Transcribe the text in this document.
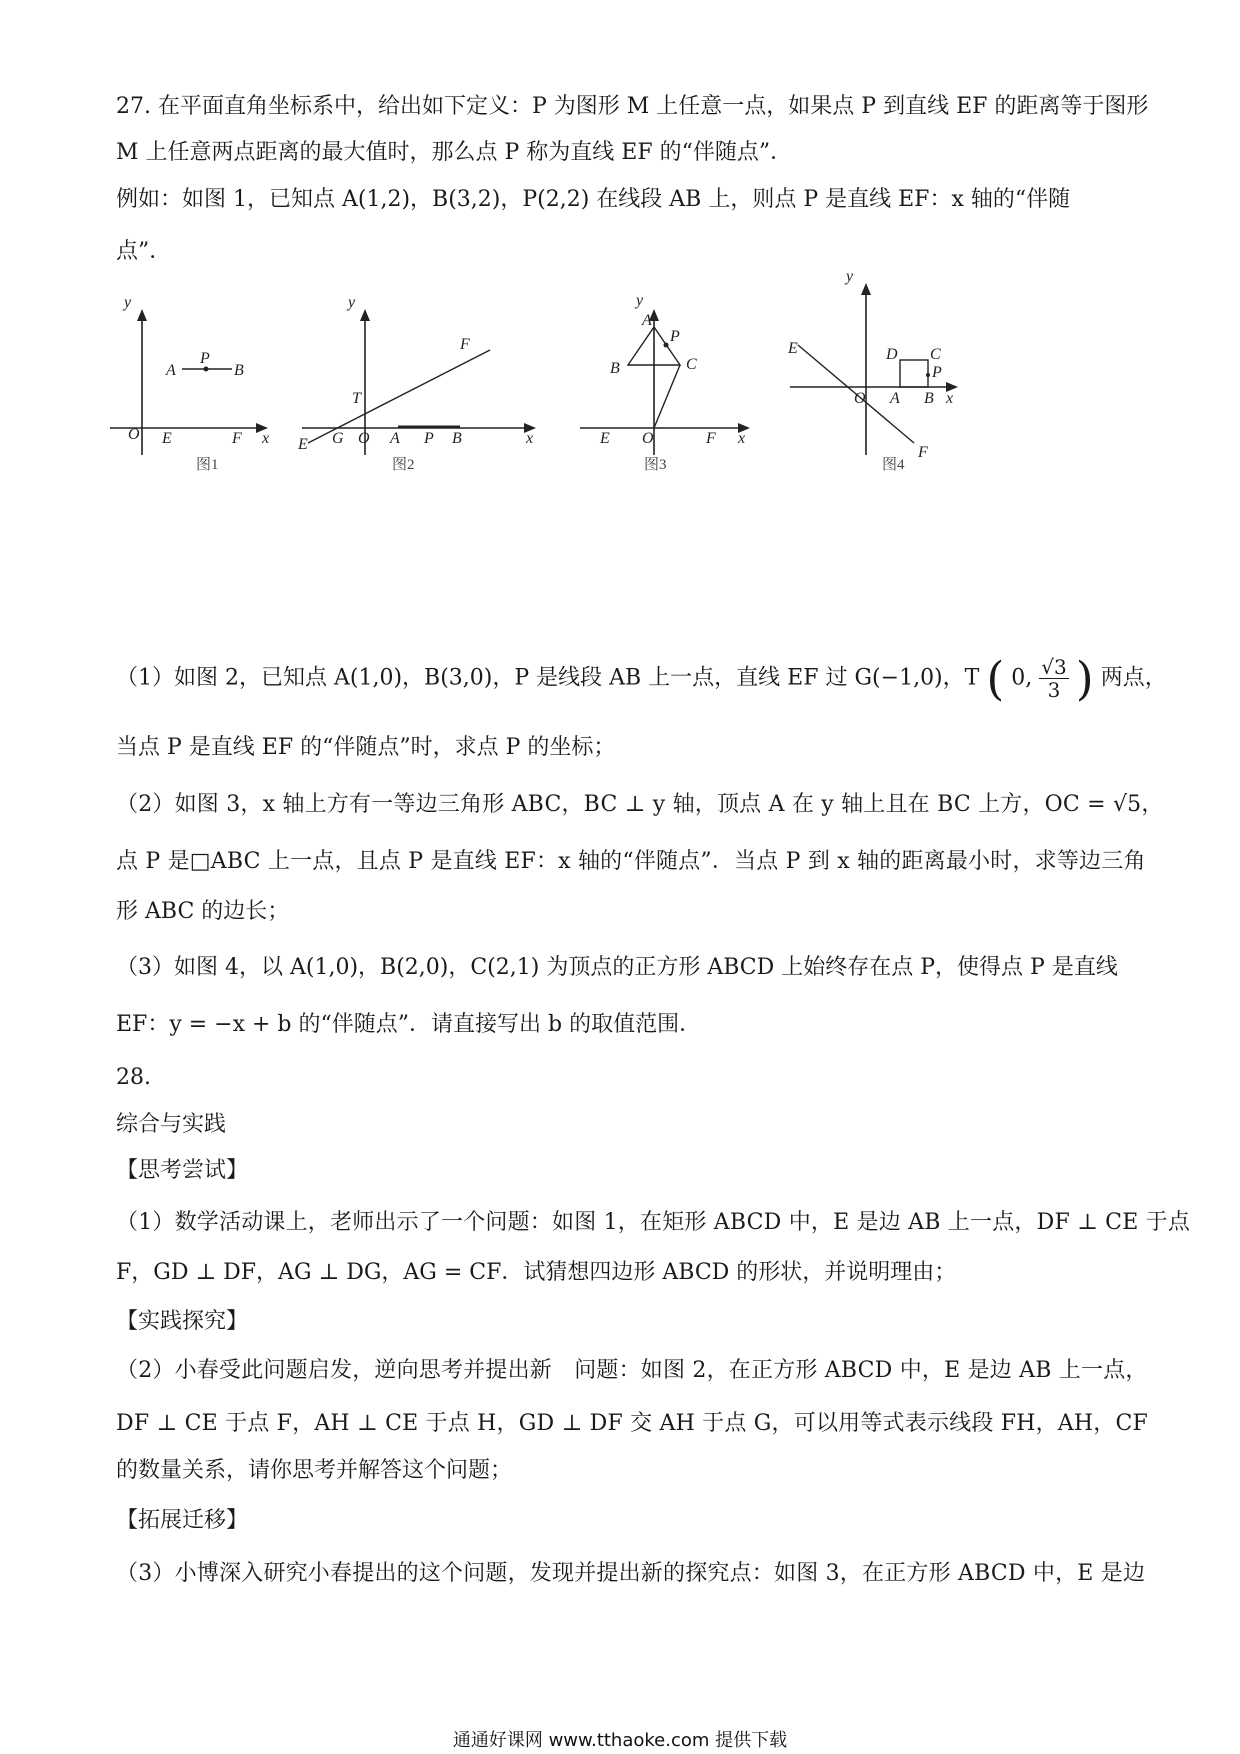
27. 在平面直角坐标系中，给出如下定义：P 为图形 M 上任意一点，如果点 P 到直线 EF 的距离等于图形
M 上任意两点距离的最大值时，那么点 P 称为直线 EF 的“伴随点”．
例如：如图 1，已知点 A(1,2)，B(3,2)，P(2,2) 在线段 AB 上，则点 P 是直线 EF：x 轴的“伴随
点”．
y
O E	F x
A
P
B
图1
y
F
T
E G O A P B	x
图2
y
A
P
B	C
E O	F x
图3
y
E	D C
P
O A B x
F
图4
（1）如图 2，已知点 A(1,0)，B(3,0)，P 是线段 AB 上一点，直线 EF 过 G(−1,0)，T ( 0, $\frac{√3}{3}$ ) 两点，
当点 P 是直线 EF 的“伴随点”时，求点 P 的坐标；
（2）如图 3，x 轴上方有一等边三角形 ABC，BC ⊥ y 轴，顶点 A 在 y 轴上且在 BC 上方，OC = √5，
点 P 是□ABC 上一点，且点 P 是直线 EF：x 轴的“伴随点”．当点 P 到 x 轴的距离最小时，求等边三角
形 ABC 的边长；
（3）如图 4，以 A(1,0)，B(2,0)，C(2,1) 为顶点的正方形 ABCD 上始终存在点 P，使得点 P 是直线
EF：y = −x + b 的“伴随点”．请直接写出 b 的取值范围．
28.
综合与实践
【思考尝试】
（1）数学活动课上，老师出示了一个问题：如图 1，在矩形 ABCD 中，E 是边 AB 上一点，DF ⊥ CE 于点
F，GD ⊥ DF，AG ⊥ DG，AG = CF．试猜想四边形 ABCD 的形状，并说明理由；
【实践探究】
（2）小春受此问题启发，逆向思考并提出新　问题：如图 2，在正方形 ABCD 中，E 是边 AB 上一点，
DF ⊥ CE 于点 F，AH ⊥ CE 于点 H，GD ⊥ DF 交 AH 于点 G，可以用等式表示线段 FH，AH，CF
的数量关系，请你思考并解答这个问题；
【拓展迁移】
（3）小博深入研究小春提出的这个问题，发现并提出新的探究点：如图 3，在正方形 ABCD 中，E 是边
通通好课网 www.tthaoke.com 提供下载
